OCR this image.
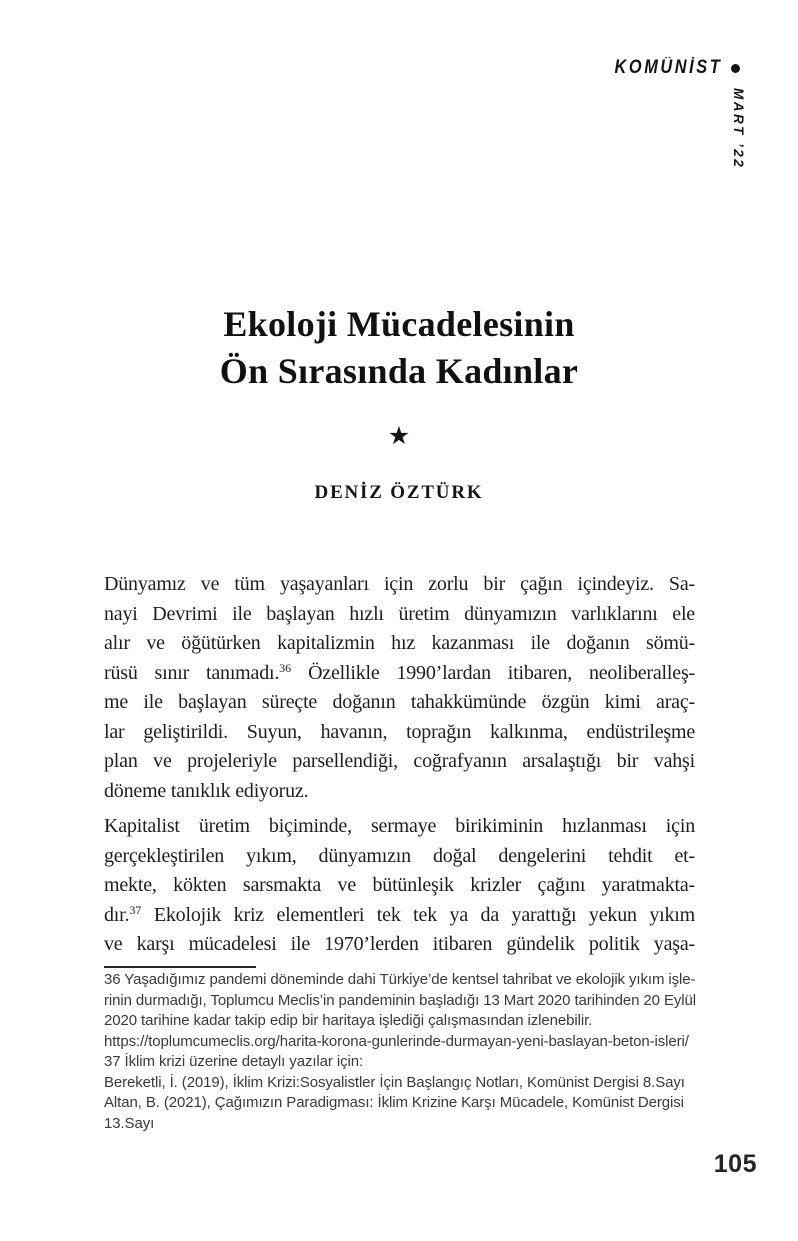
KOMÜNİST
MART ’22
Ekoloji Mücadelesinin
Ön Sırasında Kadınlar
★
DENİZ ÖZTÜRK

Dünyamız ve tüm yaşayanları için zorlu bir çağın içindeyiz. Sa-
nayi Devrimi ile başlayan hızlı üretim dünyamızın varlıklarını ele
alır ve öğütürken kapitalizmin hız kazanması ile doğanın sömü-
rüsü sınır tanımadı.$^{36}$ Özellikle 1990’lardan itibaren, neoliberalleş-
me ile başlayan süreçte doğanın tahakkümünde özgün kimi araç-
lar geliştirildi. Suyun, havanın, toprağın kalkınma, endüstrileşme
plan ve projeleriyle parsellendiği, coğrafyanın arsalaştığı bir vahşi
döneme tanıklık ediyoruz.

Kapitalist üretim biçiminde, sermaye birikiminin hızlanması için
gerçekleştirilen yıkım, dünyamızın doğal dengelerini tehdit et-
mekte, kökten sarsmakta ve bütünleşik krizler çağını yaratmakta-
dır.$^{37}$ Ekolojik kriz elementleri tek tek ya da yarattığı yekun yıkım
ve karşı mücadelesi ile 1970’lerden itibaren gündelik politik yaşa-

36 Yaşadığımız pandemi döneminde dahi Türkiye’de kentsel tahribat ve ekolojik yıkım işle-
rinin durmadığı, Toplumcu Meclis’in pandeminin başladığı 13 Mart 2020 tarihinden 20 Eylül
2020 tarihine kadar takip edip bir haritaya işlediği çalışmasından izlenebilir.
https://toplumcumeclis.org/harita-korona-gunlerinde-durmayan-yeni-baslayan-beton-isleri/
37 İklim krizi üzerine detaylı yazılar için:
Bereketli, İ. (2019), İklim Krizi:Sosyalistler İçin Başlangıç Notları, Komünist Dergisi 8.Sayı
Altan, B. (2021), Çağımızın Paradigması: İklim Krizine Karşı Mücadele, Komünist Dergisi
13.Sayı
105
